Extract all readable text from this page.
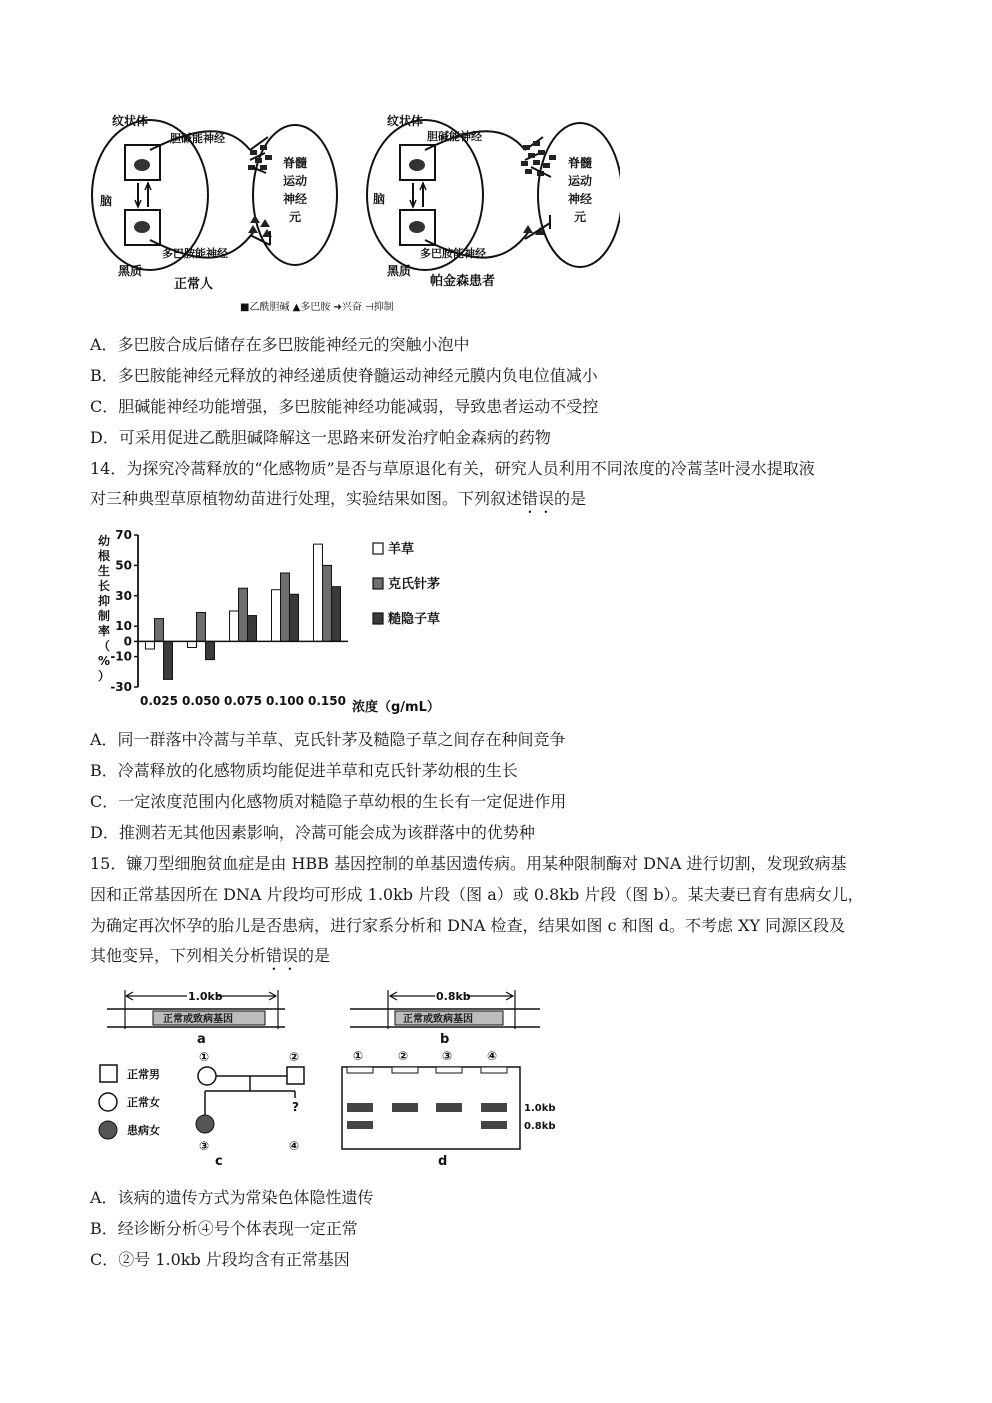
纹状体
脑
黑质
胆碱能神经
多巴胺能神经
正常人
脊髓
运动
神经
元
纹状体
脑
黑质
胆碱能神经
多巴胺能神经
帕金森患者
脊髓
运动
神经
元
■乙酰胆碱 ▲多巴胺 ➜兴奋 ⊣抑制
A．多巴胺合成后储存在多巴胺能神经元的突触小泡中
B．多巴胺能神经元释放的神经递质使脊髓运动神经元膜内负电位值减小
C．胆碱能神经功能增强，多巴胺能神经功能减弱，导致患者运动不受控
D．可采用促进乙酰胆碱降解这一思路来研发治疗帕金森病的药物
14．为探究冷蒿释放的“化感物质”是否与草原退化有关，研究人员利用不同浓度的冷蒿茎叶浸水提取液
对三种典型草原植物幼苗进行处理，实验结果如图。下列叙述错误的是
幼
根
生
长
抑
制
率
（
%
）
70
50
30
10
0
-10
-30
0.025 0.050 0.075 0.100 0.150
羊草
克氏针茅
糙隐子草
浓度（g/mL）
A．同一群落中冷蒿与羊草、克氏针茅及糙隐子草之间存在种间竞争
B．冷蒿释放的化感物质均能促进羊草和克氏针茅幼根的生长
C．一定浓度范围内化感物质对糙隐子草幼根的生长有一定促进作用
D．推测若无其他因素影响，冷蒿可能会成为该群落中的优势种
15．镰刀型细胞贫血症是由 HBB 基因控制的单基因遗传病。用某种限制酶对 DNA 进行切割，发现致病基
因和正常基因所在 DNA 片段均可形成 1.0kb 片段（图 a）或 0.8kb 片段（图 b）。某夫妻已育有患病女儿，
为确定再次怀孕的胎儿是否患病，进行家系分析和 DNA 检查，结果如图 c 和图 d。不考虑 XY 同源区段及
其他变异，下列相关分析错误的是
1.0kb
正常或致病基因
a
0.8kb
正常或致病基因
b
正常男
正常女
患病女
①	②
③
?
④
c
①	②	③	④
1.0kb
0.8kb
d
A．该病的遗传方式为常染色体隐性遗传
B．经诊断分析④号个体表现一定正常
C．②号 1.0kb 片段均含有正常基因
